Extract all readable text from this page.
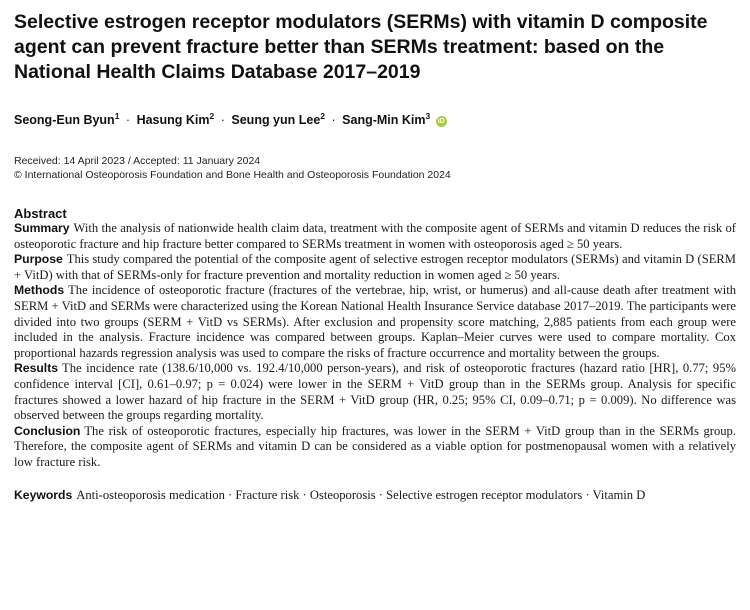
Selective estrogen receptor modulators (SERMs) with vitamin D composite agent can prevent fracture better than SERMs treatment: based on the National Health Claims Database 2017–2019
Seong-Eun Byun$^1$ · Hasung Kim$^2$ · Seung yun Lee$^2$ · Sang-Min Kim$^3$ iD
Received: 14 April 2023 / Accepted: 11 January 2024
© International Osteoporosis Foundation and Bone Health and Osteoporosis Foundation 2024
Abstract

Summary With the analysis of nationwide health claim data, treatment with the composite agent of SERMs and vitamin D reduces the risk of osteoporotic fracture and hip fracture better compared to SERMs treatment in women with osteoporosis aged ≥ 50 years.

Purpose This study compared the potential of the composite agent of selective estrogen receptor modulators (SERMs) and vitamin D (SERM + VitD) with that of SERMs-only for fracture prevention and mortality reduction in women aged ≥ 50 years.

Methods The incidence of osteoporotic fracture (fractures of the vertebrae, hip, wrist, or humerus) and all-cause death after treatment with SERM + VitD and SERMs were characterized using the Korean National Health Insurance Service database 2017–2019. The participants were divided into two groups (SERM + VitD vs SERMs). After exclusion and propensity score matching, 2,885 patients from each group were included in the analysis. Fracture incidence was compared between groups. Kaplan–Meier curves were used to compare mortality. Cox proportional hazards regression analysis was used to compare the risks of fracture occurrence and mortality between the groups.

Results The incidence rate (138.6/10,000 vs. 192.4/10,000 person-years), and risk of osteoporotic fractures (hazard ratio [HR], 0.77; 95% confidence interval [CI], 0.61–0.97; p = 0.024) were lower in the SERM + VitD group than in the SERMs group. Analysis for specific fractures showed a lower hazard of hip fracture in the SERM + VitD group (HR, 0.25; 95% CI, 0.09–0.71; p = 0.009). No difference was observed between the groups regarding mortality.

Conclusion The risk of osteoporotic fractures, especially hip fractures, was lower in the SERM + VitD group than in the SERMs group. Therefore, the composite agent of SERMs and vitamin D can be considered as a viable option for postmenopausal women with a relatively low fracture risk.

Keywords Anti-osteoporosis medication · Fracture risk · Osteoporosis · Selective estrogen receptor modulators · Vitamin D
